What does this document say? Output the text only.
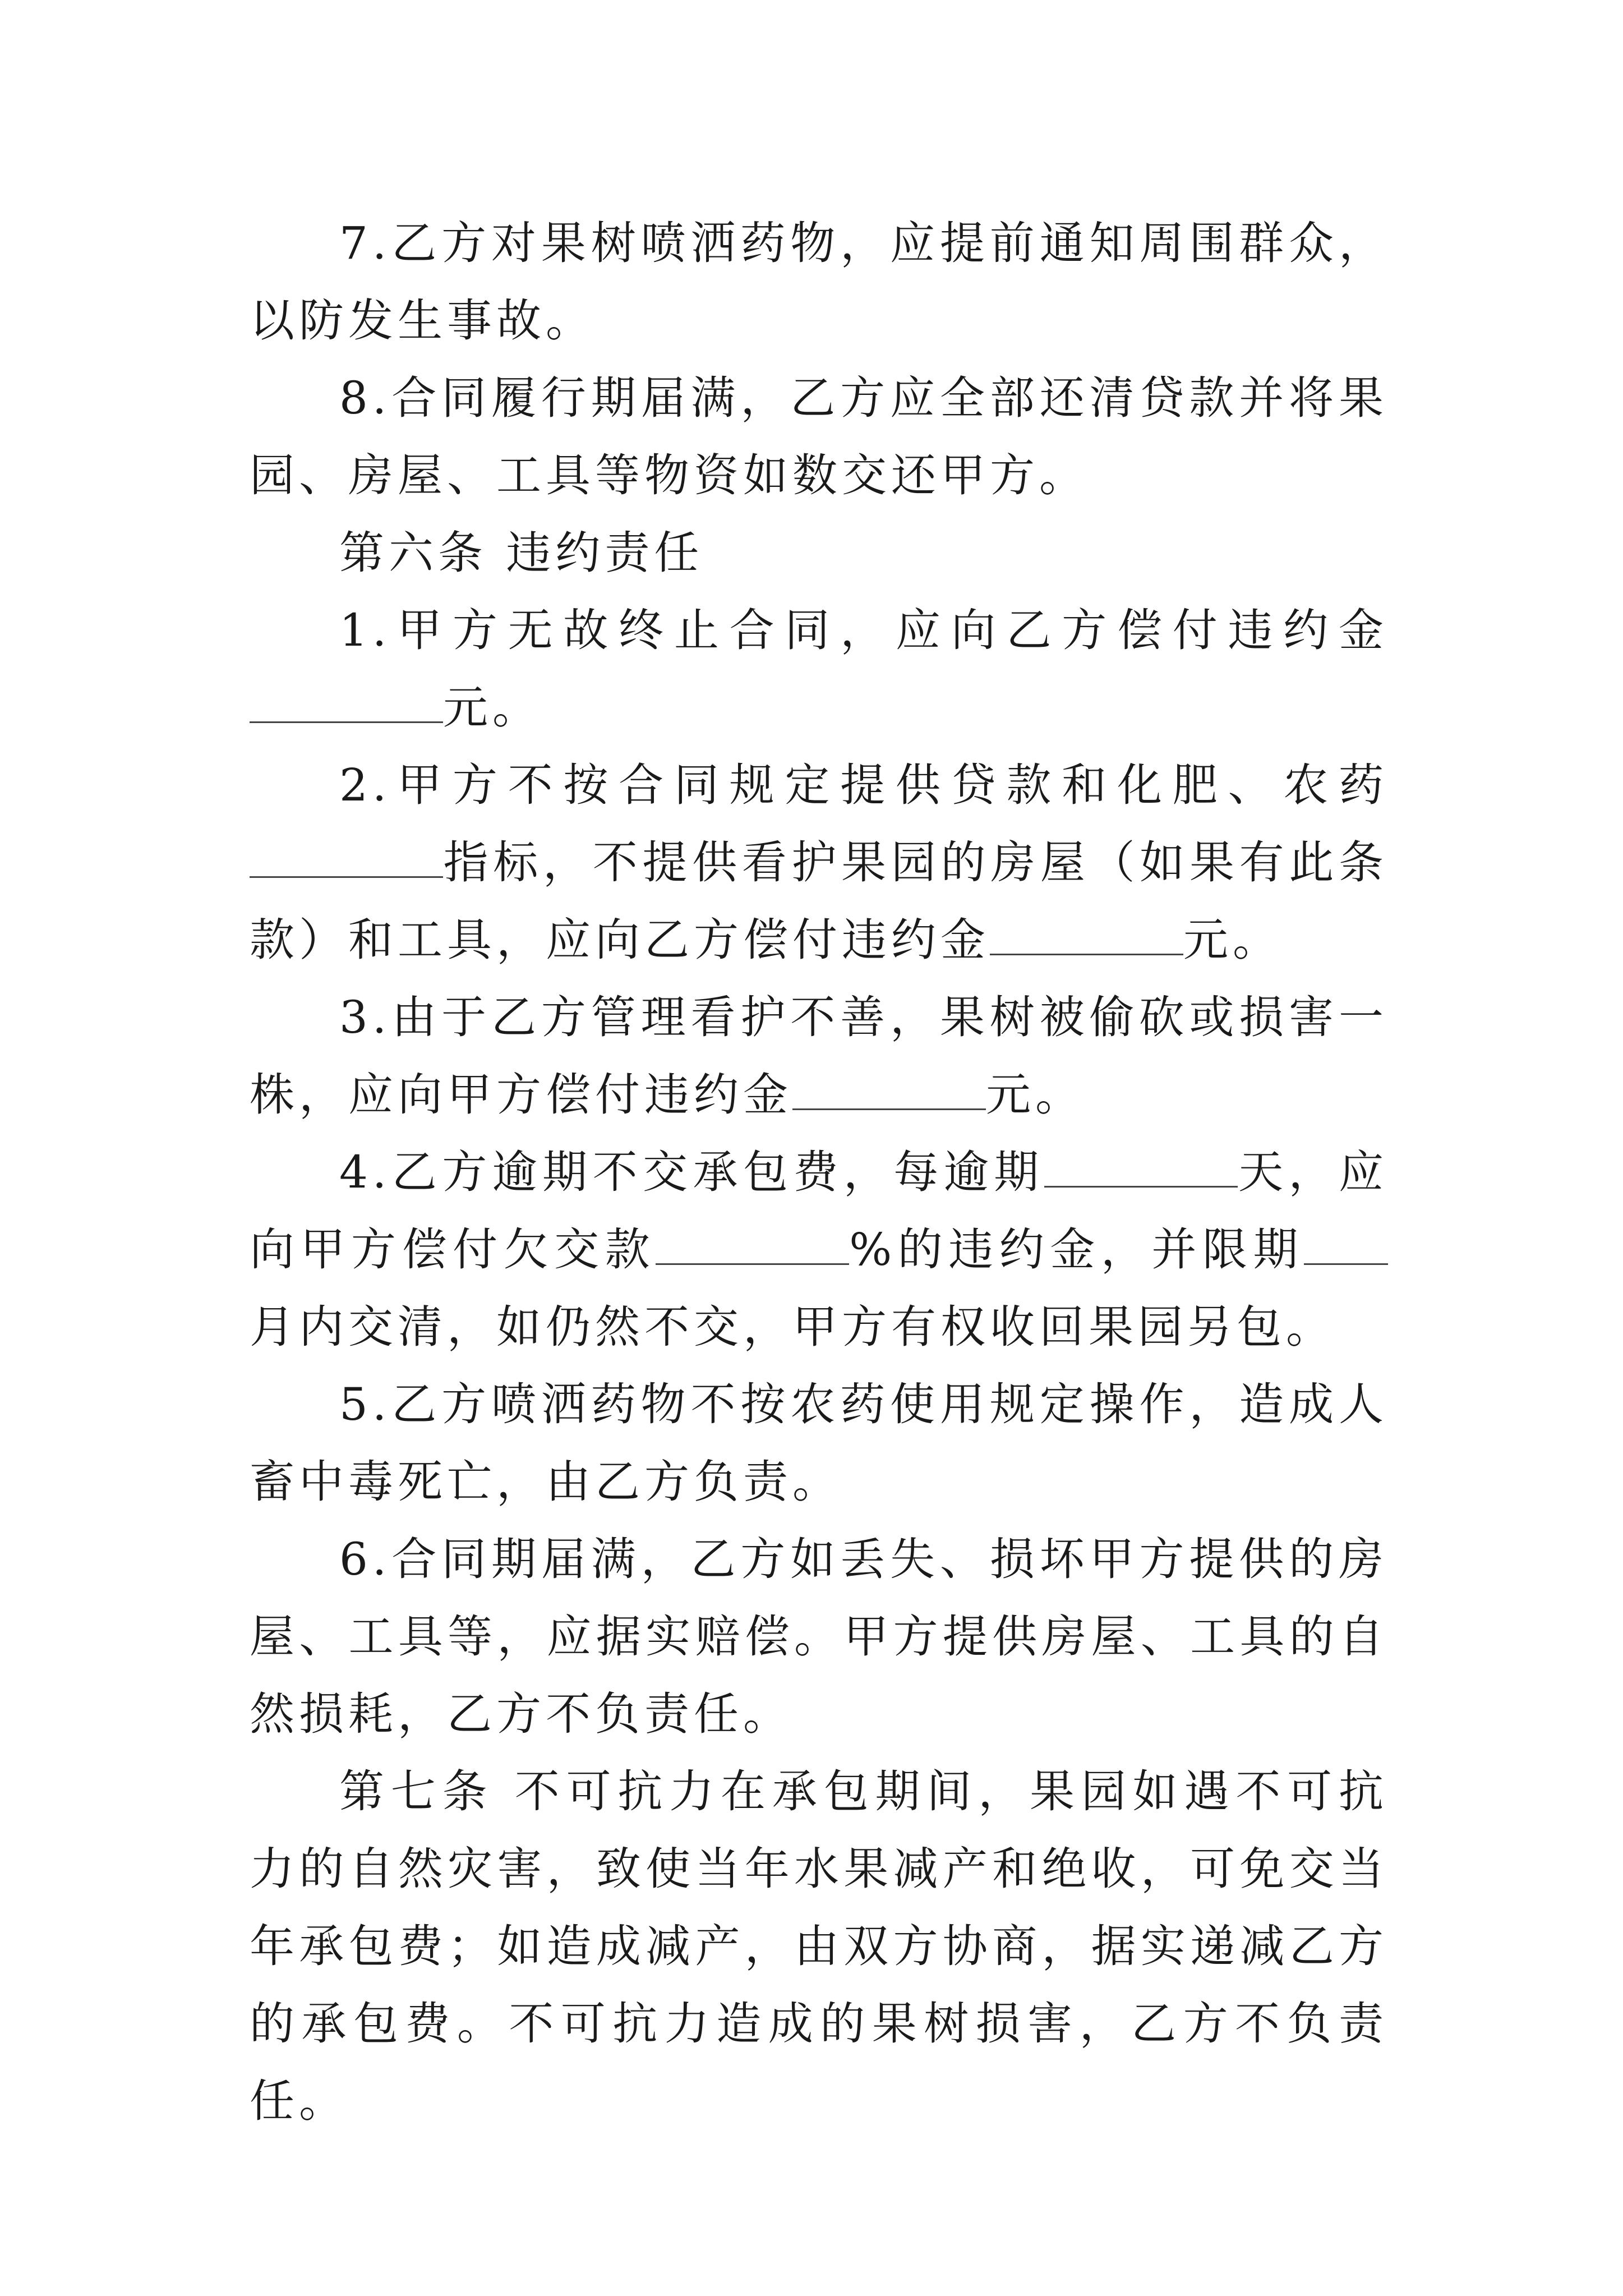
7.乙方对果树喷洒药物，应提前通知周围群众，以防发生事故。

8.合同履行期届满，乙方应全部还清贷款并将果园、房屋、工具等物资如数交还甲方。

第六条 违约责任

1.甲方无故终止合同，应向乙方偿付违约金元。

2.甲方不按合同规定提供贷款和化肥、农药指标，不提供看护果园的房屋（如果有此条款）和工具，应向乙方偿付违约金	元。

3.由于乙方管理看护不善，果树被偷砍或损害一株，应向甲方偿付违约金	元。

4.乙方逾期不交承包费，每逾期	天，应向甲方偿付欠交款	%的违约金，并限期月内交清，如仍然不交，甲方有权收回果园另包。

5.乙方喷洒药物不按农药使用规定操作，造成人畜中毒死亡，由乙方负责。

6.合同期届满，乙方如丢失、损坏甲方提供的房屋、工具等，应据实赔偿。甲方提供房屋、工具的自然损耗，乙方不负责任。

第七条 不可抗力在承包期间，果园如遇不可抗力的自然灾害，致使当年水果减产和绝收，可免交当年承包费；如造成减产，由双方协商，据实递减乙方的承包费。不可抗力造成的果树损害，乙方不负责任。
